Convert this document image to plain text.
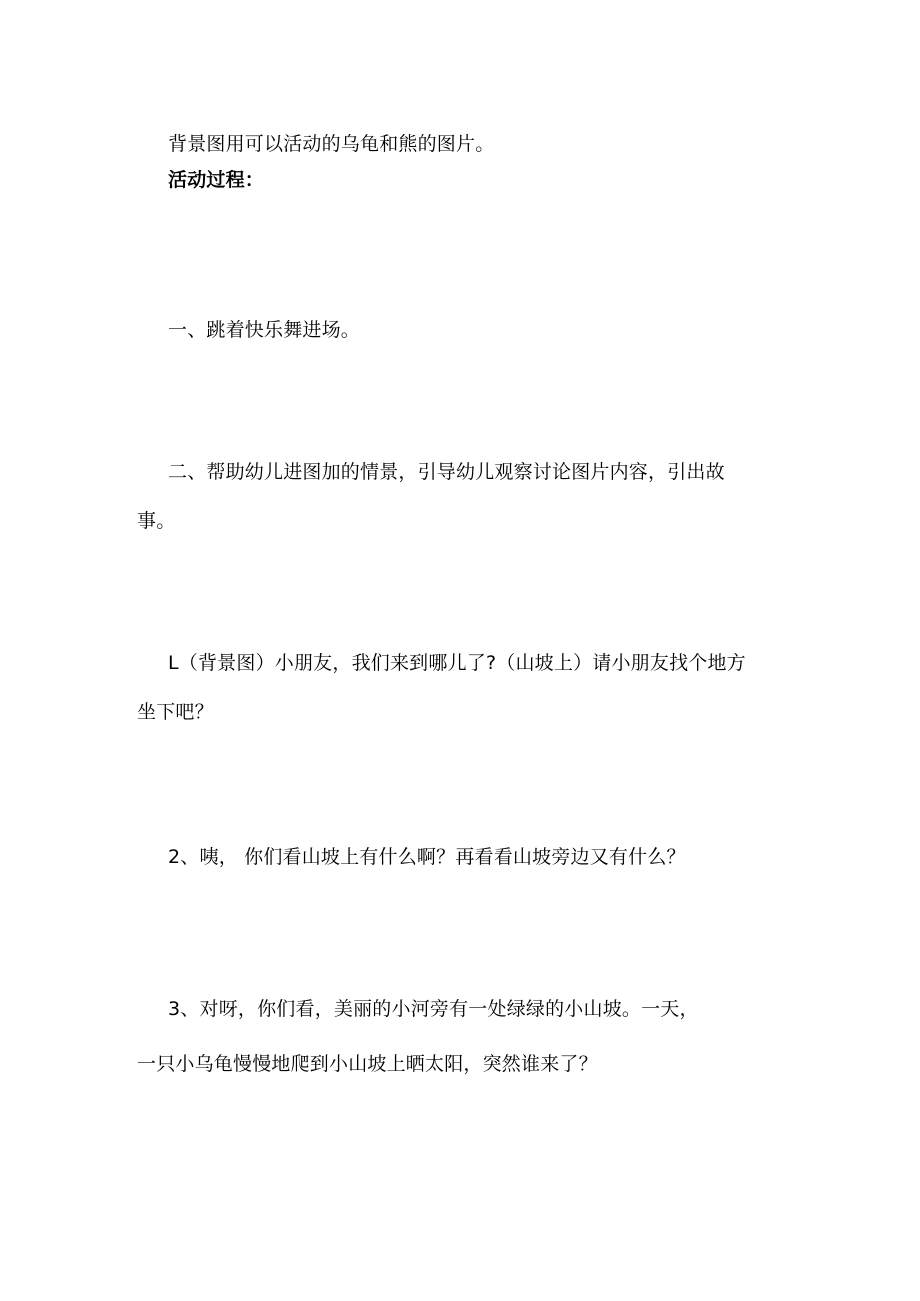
背景图用可以活动的乌龟和熊的图片。
活动过程：
一、跳着快乐舞进场。
二、帮助幼儿进图加的情景，引导幼儿观察讨论图片内容，引出故
事。
L（背景图）小朋友，我们来到哪儿了?（山坡上）请小朋友找个地方
坐下吧？
2、咦， 你们看山坡上有什么啊？再看看山坡旁边又有什么？
3、对呀，你们看，美丽的小河旁有一处绿绿的小山坡。一天，
一只小乌龟慢慢地爬到小山坡上晒太阳，突然谁来了？
